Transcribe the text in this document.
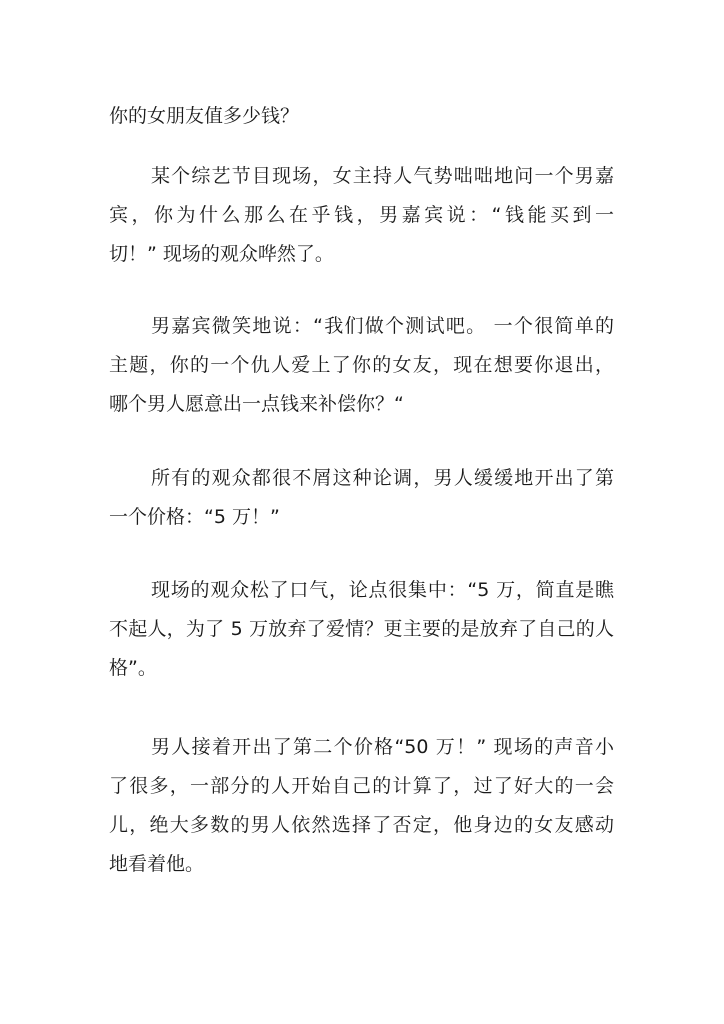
你的女朋友值多少钱？
某个综艺节目现场，女主持人气势咄咄地问一个男嘉
宾，你为什么那么在乎钱，男嘉宾说：“钱能买到一
切！” 现场的观众哗然了。
男嘉宾微笑地说：“我们做个测试吧。 一个很简单的
主题，你的一个仇人爱上了你的女友，现在想要你退出，
哪个男人愿意出一点钱来补偿你？“
所有的观众都很不屑这种论调，男人缓缓地开出了第
一个价格：“5 万！”
现场的观众松了口气，论点很集中：“5 万，简直是瞧
不起人，为了 5 万放弃了爱情？更主要的是放弃了自己的人
格”。
男人接着开出了第二个价格“50 万！” 现场的声音小
了很多，一部分的人开始自己的计算了，过了好大的一会
儿，绝大多数的男人依然选择了否定，他身边的女友感动
地看着他。
